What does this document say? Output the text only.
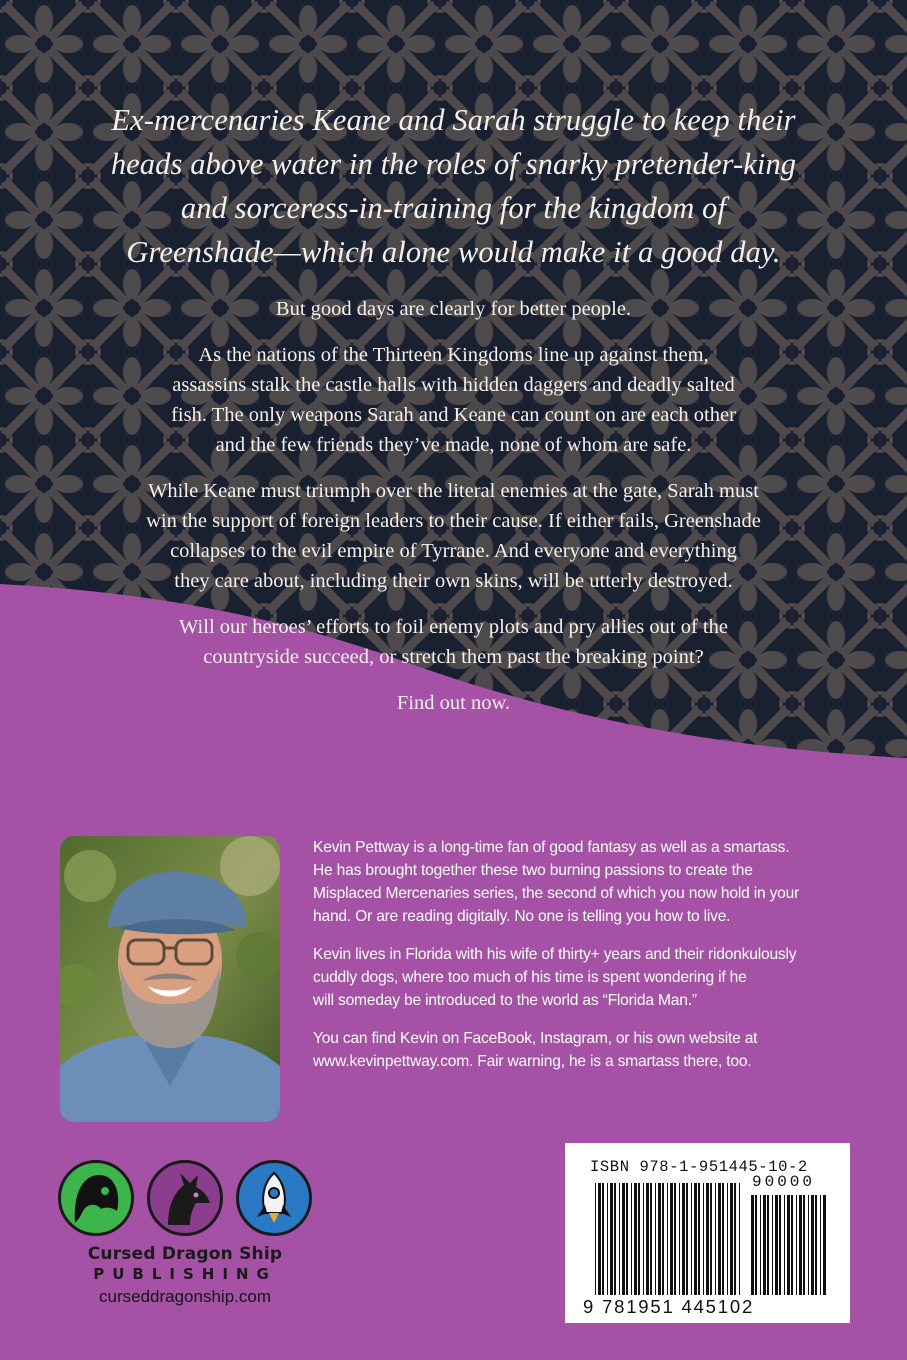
Ex-mercenaries Keane and Sarah struggle to keep their
heads above water in the roles of snarky pretender-king
and sorceress-in-training for the kingdom of
Greenshade—which alone would make it a good day.

But good days are clearly for better people.

As the nations of the Thirteen Kingdoms line up against them,
assassins stalk the castle halls with hidden daggers and deadly salted
fish. The only weapons Sarah and Keane can count on are each other
and the few friends they’ve made, none of whom are safe.

While Keane must triumph over the literal enemies at the gate, Sarah must
win the support of foreign leaders to their cause. If either fails, Greenshade
collapses to the evil empire of Tyrrane. And everyone and everything
they care about, including their own skins, will be utterly destroyed.

Will our heroes’ efforts to foil enemy plots and pry allies out of the
countryside succeed, or stretch them past the breaking point?

Find out now.

Kevin Pettway is a long-time fan of good fantasy as well as a smartass.
He has brought together these two burning passions to create the
Misplaced Mercenaries series, the second of which you now hold in your
hand. Or are reading digitally. No one is telling you how to live.

Kevin lives in Florida with his wife of thirty+ years and their ridonkulously
cuddly dogs, where too much of his time is spent wondering if he
will someday be introduced to the world as “Florida Man.”

You can find Kevin on FaceBook, Instagram, or his own website at
www.kevinpettway.com. Fair warning, he is a smartass there, too.

Cursed Dragon Ship
PUBLISHING
curseddragonship.com
ISBN 978-1-951445-10-2
90000
9 781951 445102
